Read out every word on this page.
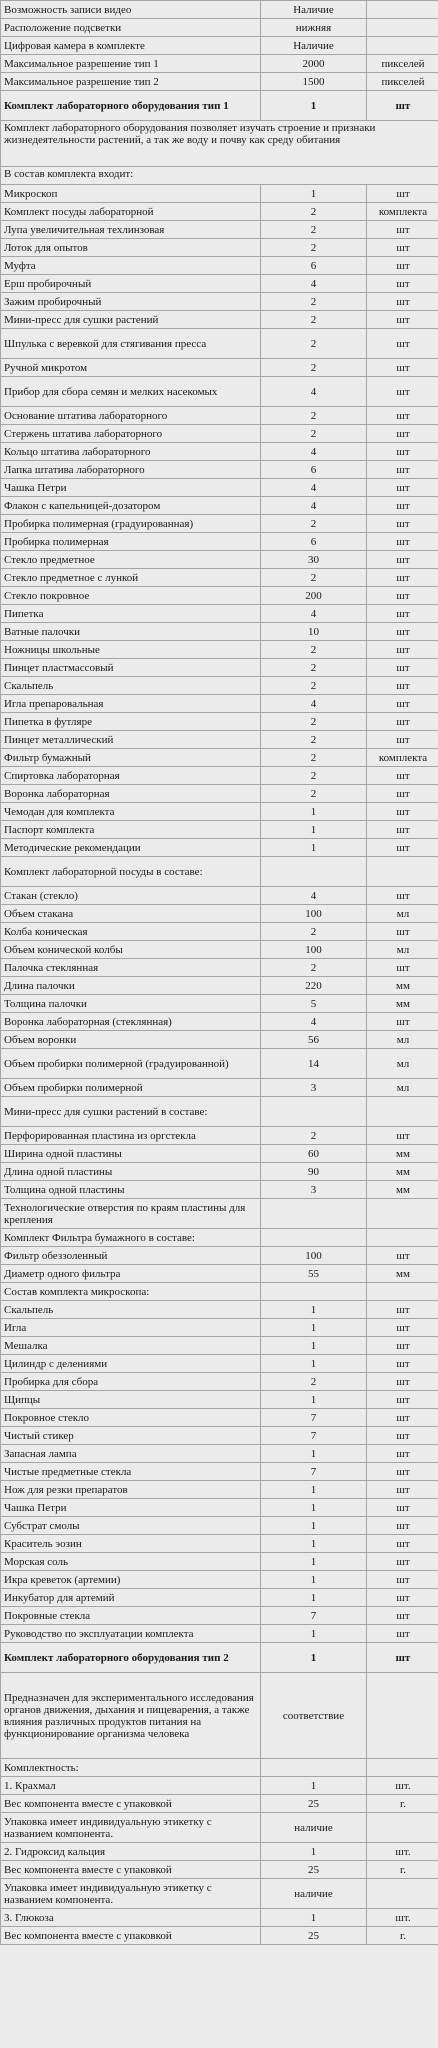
Возможность записи видео	Наличие	
Расположение подсветки	нижняя	
Цифровая камера в комплекте	Наличие	
Максимальное разрешение тип 1	2000	пикселей
Максимальное разрешение тип 2	1500	пикселей
Комплект лабораторного оборудования тип 1	1	шт
Комплект лабораторного оборудования позволяет изучать строение и признаки жизнедеятельности растений, а так же воду и почву как среду обитания		
В состав комплекта входит:		
Микроскоп	1	шт
Комплект посуды лабораторной	2	комплекта
Лупа увеличительная техлинзовая	2	шт
Лоток для опытов	2	шт
Муфта	6	шт
Ерш пробирочный	4	шт
Зажим пробирочный	2	шт
Мини-пресс для сушки растений	2	шт
Шпулька с веревкой для стягивания пресса	2	шт
Ручной микротом	2	шт
Прибор для сбора семян и мелких насекомых	4	шт
Основание штатива лабораторного	2	шт
Стержень штатива лабораторного	2	шт
Кольцо штатива лабораторного	4	шт
Лапка штатива лабораторного	6	шт
Чашка Петри	4	шт
Флакон с капельницей-дозатором	4	шт
Пробирка полимерная (градуированная)	2	шт
Пробирка полимерная	6	шт
Стекло предметное	30	шт
Стекло предметное с лункой	2	шт
Стекло покровное	200	шт
Пипетка	4	шт
Ватные палочки	10	шт
Ножницы школьные	2	шт
Пинцет пластмассовый	2	шт
Скальпель	2	шт
Игла препаровальная	4	шт
Пипетка в футляре	2	шт
Пинцет металлический	2	шт
Фильтр бумажный	2	комплекта
Спиртовка лабораторная	2	шт
Воронка лабораторная	2	шт
Чемодан для комплекта	1	шт
Паспорт комплекта	1	шт
Методические рекомендации	1	шт
Комплект лабораторной посуды в составе:		
Стакан (стекло)	4	шт
Объем стакана	100	мл
Колба коническая	2	шт
Объем конической колбы	100	мл
Палочка стеклянная	2	шт
Длина палочки	220	мм
Толщина палочки	5	мм
Воронка лабораторная (стеклянная)	4	шт
Объем воронки	56	мл
Объем пробирки полимерной (градуированной)	14	мл
Объем пробирки полимерной	3	мл
Мини-пресс для сушки растений в составе:		
Перфорированная пластина из оргстекла	2	шт
Ширина одной пластины	60	мм
Длина одной пластины	90	мм
Толщина одной пластины	3	мм
Технологические отверстия по краям пластины для крепления		
Комплект Фильтра бумажного в составе:		
Фильтр обеззоленный	100	шт
Диаметр одного фильтра	55	мм
Состав комплекта микроскопа:		
Скальпель	1	шт
Игла	1	шт
Мешалка	1	шт
Цилиндр с делениями	1	шт
Пробирка для сбора	2	шт
Щипцы	1	шт
Покровное стекло	7	шт
Чистый стикер	7	шт
Запасная лампа	1	шт
Чистые предметные стекла	7	шт
Нож для резки препаратов	1	шт
Чашка Петри	1	шт
Субстрат смолы	1	шт
Краситель эозин	1	шт
Морская соль	1	шт
Икра креветок (артемии)	1	шт
Инкубатор для артемий	1	шт
Покровные стекла	7	шт
Руководство по эксплуатации комплекта	1	шт
Комплект лабораторного оборудования тип 2	1	шт
Предназначен для экспериментального исследования органов движения, дыхания и пищеварения, а также влияния различных продуктов питания на функционирование организма человека	соответствие	
Комплектность:		
1. Крахмал	1	шт.
Вес компонента вместе с упаковкой	25	г.
Упаковка имеет индивидуальную этикетку с названием компонента.	наличие	
2. Гидроксид кальция	1	шт.
Вес компонента вместе с упаковкой	25	г.
Упаковка имеет индивидуальную этикетку с названием компонента.	наличие	
3. Глюкоза	1	шт.
Вес компонента вместе с упаковкой	25	г.
